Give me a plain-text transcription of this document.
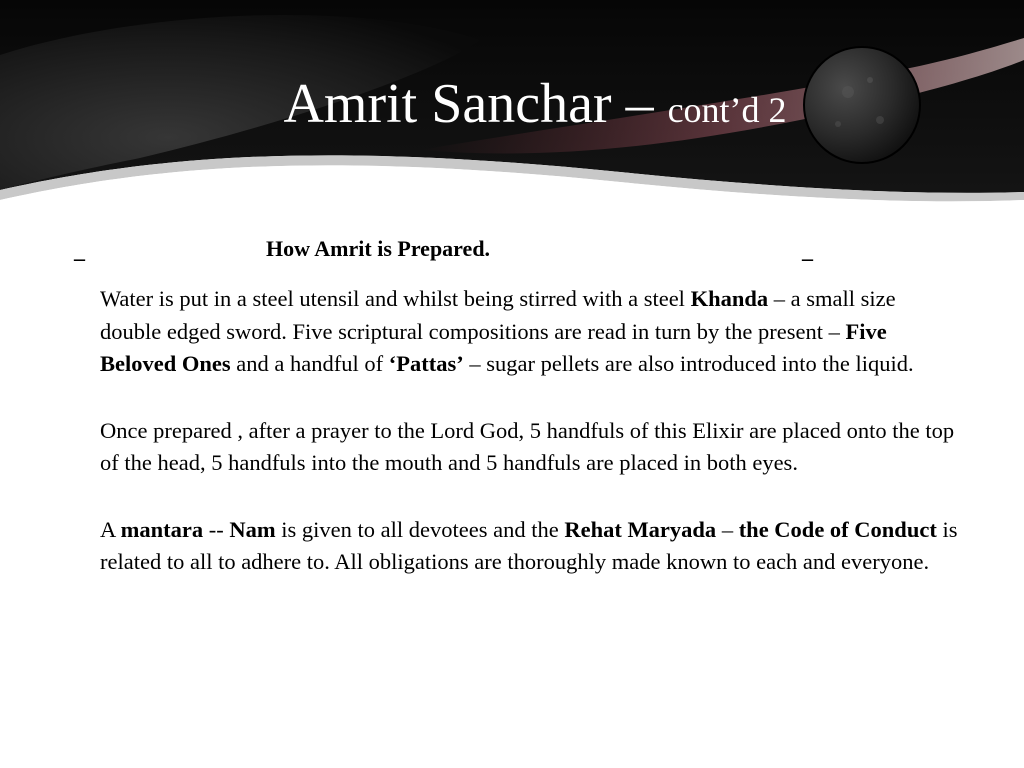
Amrit Sanchar – cont’d 2
_	How Amrit is Prepared.	_

Water is put in a steel utensil and whilst being stirred with a steel Khanda – a small size double edged sword. Five scriptural compositions are read in turn by the present – Five Beloved Ones and a handful of ‘Pattas’ – sugar pellets are also introduced into the liquid.

Once prepared , after a prayer to the Lord God, 5 handfuls of this Elixir are placed onto the top of the head, 5 handfuls into the mouth and 5 handfuls are placed in both eyes.

A mantara -- Nam is given to all devotees and the Rehat Maryada – the Code of Conduct is related to all to adhere to. All obligations are thoroughly made known to each and everyone.
